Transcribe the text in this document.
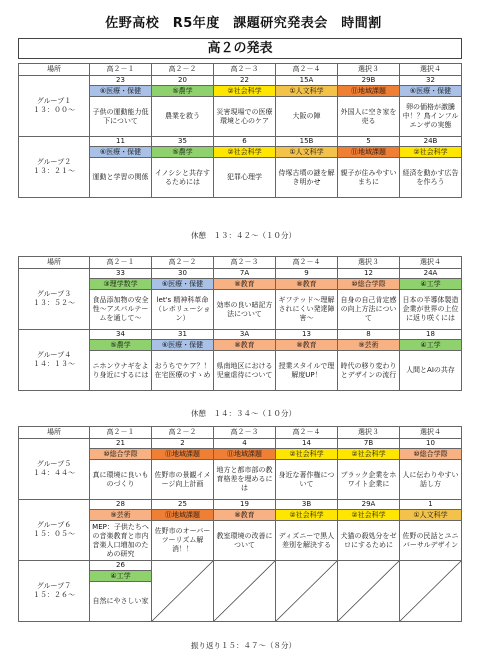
佐野高校　R5年度　課題研究発表会　時間割
高２の発表
場所	高２－１	高２－２	高２－３	高２－４	選択３	選択４

グループ１
１３：００～	23	20	22	15A	29B	32
	⑥医療・保健	⑤農学	②社会科学	①人文科学	⑪地域課題	⑥医療・保健
	子供の運動能力低下について	農業を救う	災害現場での医療環境と心のケア	大阪の陣	外国人に空き家を売る	卵の価格が激騰中！？鳥インフルエンザの実態

グループ２
１３：２１～	11	35	6	15B	5	24B
	⑥医療・保健	⑤農学	②社会科学	①人文科学	⑪地域課題	②社会科学
	運動と学習の関係	イノシシと共存するためには	犯罪心理学	侍塚古墳の謎を解き明かせ	親子が住みやすいまちに	経済を動かす広告を作ろう
休憩　１３：４２～（１０分）
場所	高２－１	高２－２	高２－３	高２－４	選択３	選択４

グループ３
１３：５２～	33	30	7A	9	12	24A
	③理学数学	⑥医療・保健	⑧教育	⑧教育	⑩総合学際	④工学
	食品添加物の安全性～アスパルテームを通して～	let's 精神科革命（レボリューション）	効率の良い暗記方法について	ギフテッド～理解されにくい発達障害～	自身の自己肯定感の向上方法について	日本の半導体製造企業が世界の上位に返り咲くには

グループ４
１４：１３～	34	31	3A	13	8	18
	⑤農学	⑥医療・保健	⑧教育	⑧教育	⑨芸術	④工学
	ニホンウナギをより身近にするには	おうちでケア？！在宅医療のすゝめ	県南地区における児童虐待について	授業スタイルで理解度UP！	時代の移り変わりとデザインの流行	人間とAIの共存
休憩　１４：３４～（１０分）
場所	高２－１	高２－２	高２－３	高２－４	選択３	選択４

グループ５
１４：４４～	21	2	4	14	7B	10
	⑩総合学際	⑪地域課題	⑪地域課題	②社会科学	②社会科学	⑩総合学際
	真に環境に良いものづくり	佐野市の景観イメージ向上計画	地方と都市部の教育格差を埋めるには	身近な著作権について	ブラック企業をホワイト企業に	人に伝わりやすい話し方

グループ６
１５：０５～	28	25	19	3B	29A	1
	⑨芸術	⑪地域課題	⑧教育	②社会科学	②社会科学	①人文科学
	MEP：子供たちへの音楽教育と市内音楽人口増加のための研究	佐野市のオーバーツーリズム解消！！	教室環境の改善について	ディズニーで黒人差別を解決する	犬猫の殺処分をゼロにするために	佐野の民話とユニバーサルデザイン

グループ７
１５：２６～	26	

	④工学					
	自然にやさしい家					
振り返り１５：４７～（８分）
